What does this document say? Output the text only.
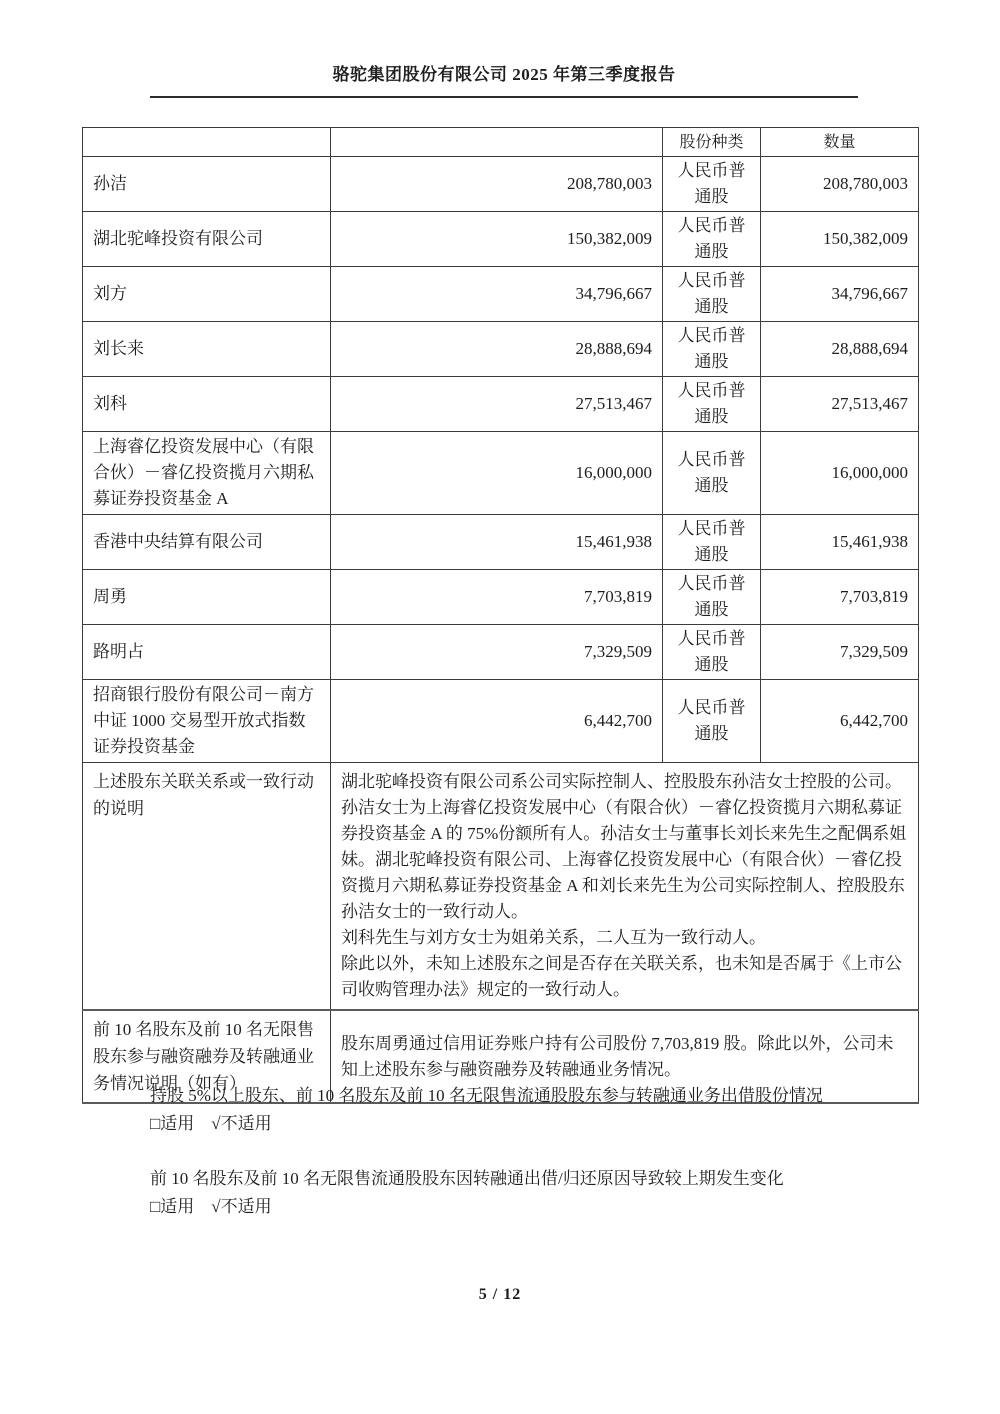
骆驼集团股份有限公司 2025 年第三季度报告
		股份种类	数量
孙洁	208,780,003	人民币普通股	208,780,003
湖北驼峰投资有限公司	150,382,009	人民币普通股	150,382,009
刘方	34,796,667	人民币普通股	34,796,667
刘长来	28,888,694	人民币普通股	28,888,694
刘科	27,513,467	人民币普通股	27,513,467
上海睿亿投资发展中心（有限合伙）－睿亿投资揽月六期私募证券投资基金 A	16,000,000	人民币普通股	16,000,000
香港中央结算有限公司	15,461,938	人民币普通股	15,461,938
周勇	7,703,819	人民币普通股	7,703,819
路明占	7,329,509	人民币普通股	7,329,509
招商银行股份有限公司－南方中证 1000 交易型开放式指数证券投资基金	6,442,700	人民币普通股	6,442,700
上述股东关联关系或一致行动的说明	湖北驼峰投资有限公司系公司实际控制人、控股股东孙洁女士控股的公司。孙洁女士为上海睿亿投资发展中心（有限合伙）－睿亿投资揽月六期私募证券投资基金 A 的 75%份额所有人。孙洁女士与董事长刘长来先生之配偶系姐妹。湖北驼峰投资有限公司、上海睿亿投资发展中心（有限合伙）－睿亿投资揽月六期私募证券投资基金 A 和刘长来先生为公司实际控制人、控股股东孙洁女士的一致行动人。
刘科先生与刘方女士为姐弟关系，二人互为一致行动人。
除此以外，未知上述股东之间是否存在关联关系，也未知是否属于《上市公司收购管理办法》规定的一致行动人。		

前 10 名股东及前 10 名无限售股东参与融资融券及转融通业务情况说明（如有）	股东周勇通过信用证券账户持有公司股份 7,703,819 股。除此以外，公司未知上述股东参与融资融券及转融通业务情况。		
持股 5%以上股东、前 10 名股东及前 10 名无限售流通股股东参与转融通业务出借股份情况
□适用　√不适用
前 10 名股东及前 10 名无限售流通股股东因转融通出借/归还原因导致较上期发生变化
□适用　√不适用
5 / 12
